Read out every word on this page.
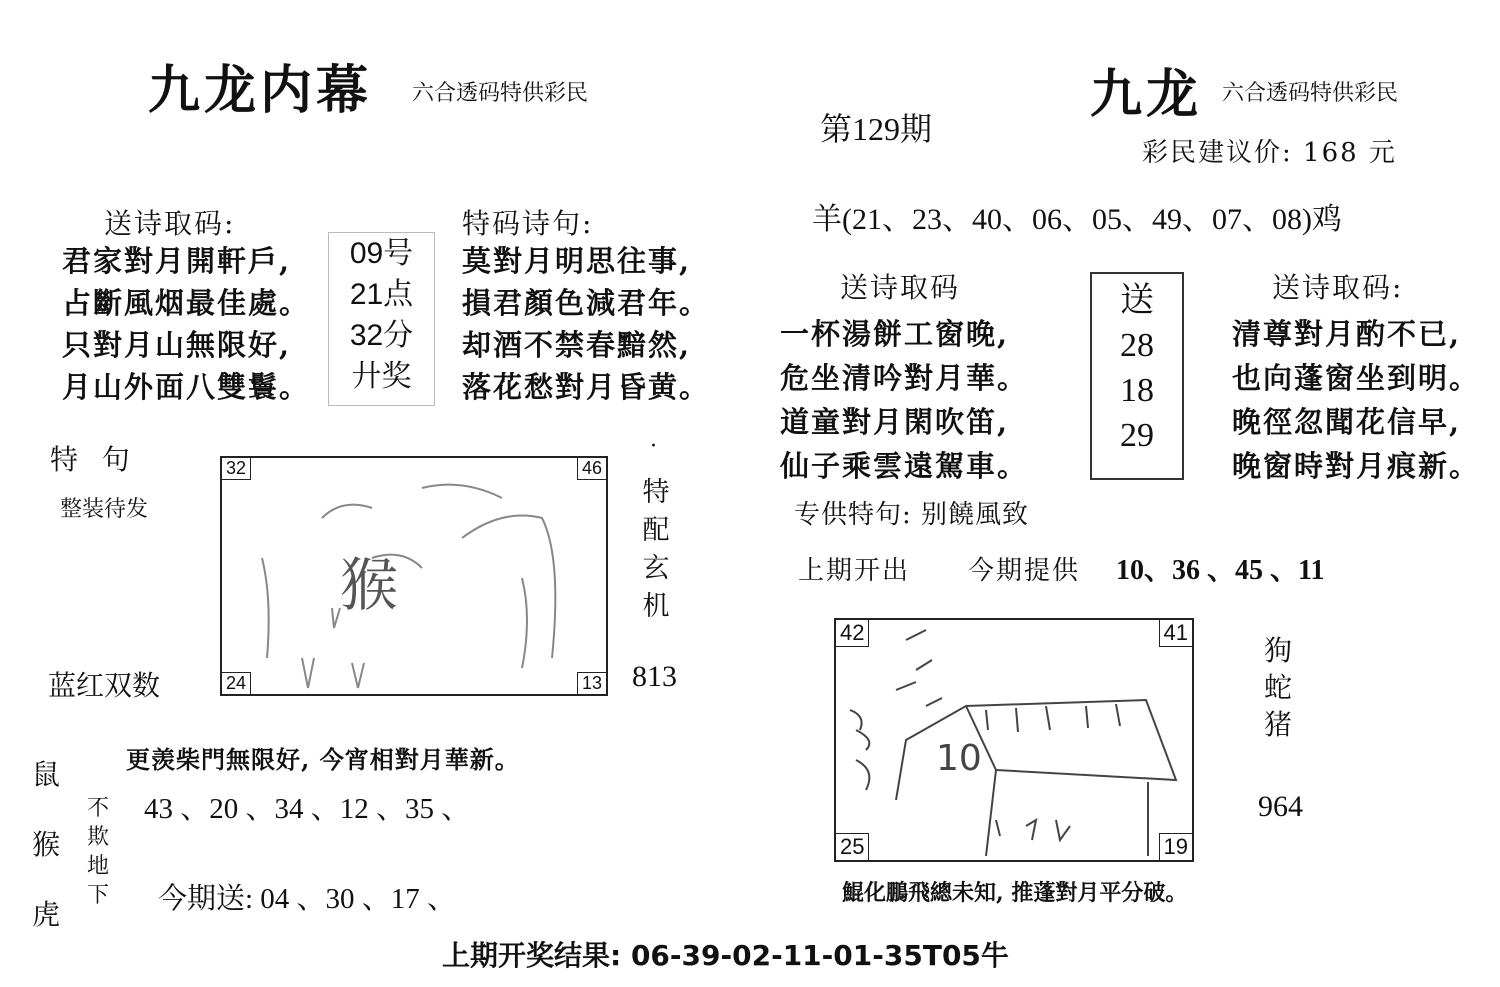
九龙内幕 六合透码特供彩民
第129期
九龙 六合透码特供彩民
彩民建议价: 168 元
送诗取码:
君家對月開軒戶,
占斷風烟最佳處。
只對月山無限好,
月山外面八雙鬟。
09号
21点
32分
廾奖
特码诗句:
莫對月明思往事,
損君顏色減君年。
却酒不禁春黯然,
落花愁對月昏黄。
特  句
整装待发
猴
32	46
24	13
·
特
配
玄
机
蓝红双数	813
更羡柴門無限好, 今宵相對月華新。
鼠
猴
虎
不
欺
地
下
43 、20 、34 、12 、35 、
今期送: 04 、30 、17 、
羊(21、23、40、06、05、49、07、08)鸡
送诗取码
一杯湯餅工窗晚,
危坐清吟對月華。
道童對月閑吹笛,
仙子乘雲遠駕車。
送
28
18
29
送诗取码:
清尊對月酌不已,
也向蓬窗坐到明。
晚徑忽聞花信早,
晚窗時對月痕新。
专供特句: 别饒風致
上期开出 今期提供 10、36 、45 、11
10
42	41
25	19
狗
蛇
猪
964
鯤化鵬飛總未知, 推蓬對月平分破。
上期开奖结果: 06-39-02-11-01-35T05牛
